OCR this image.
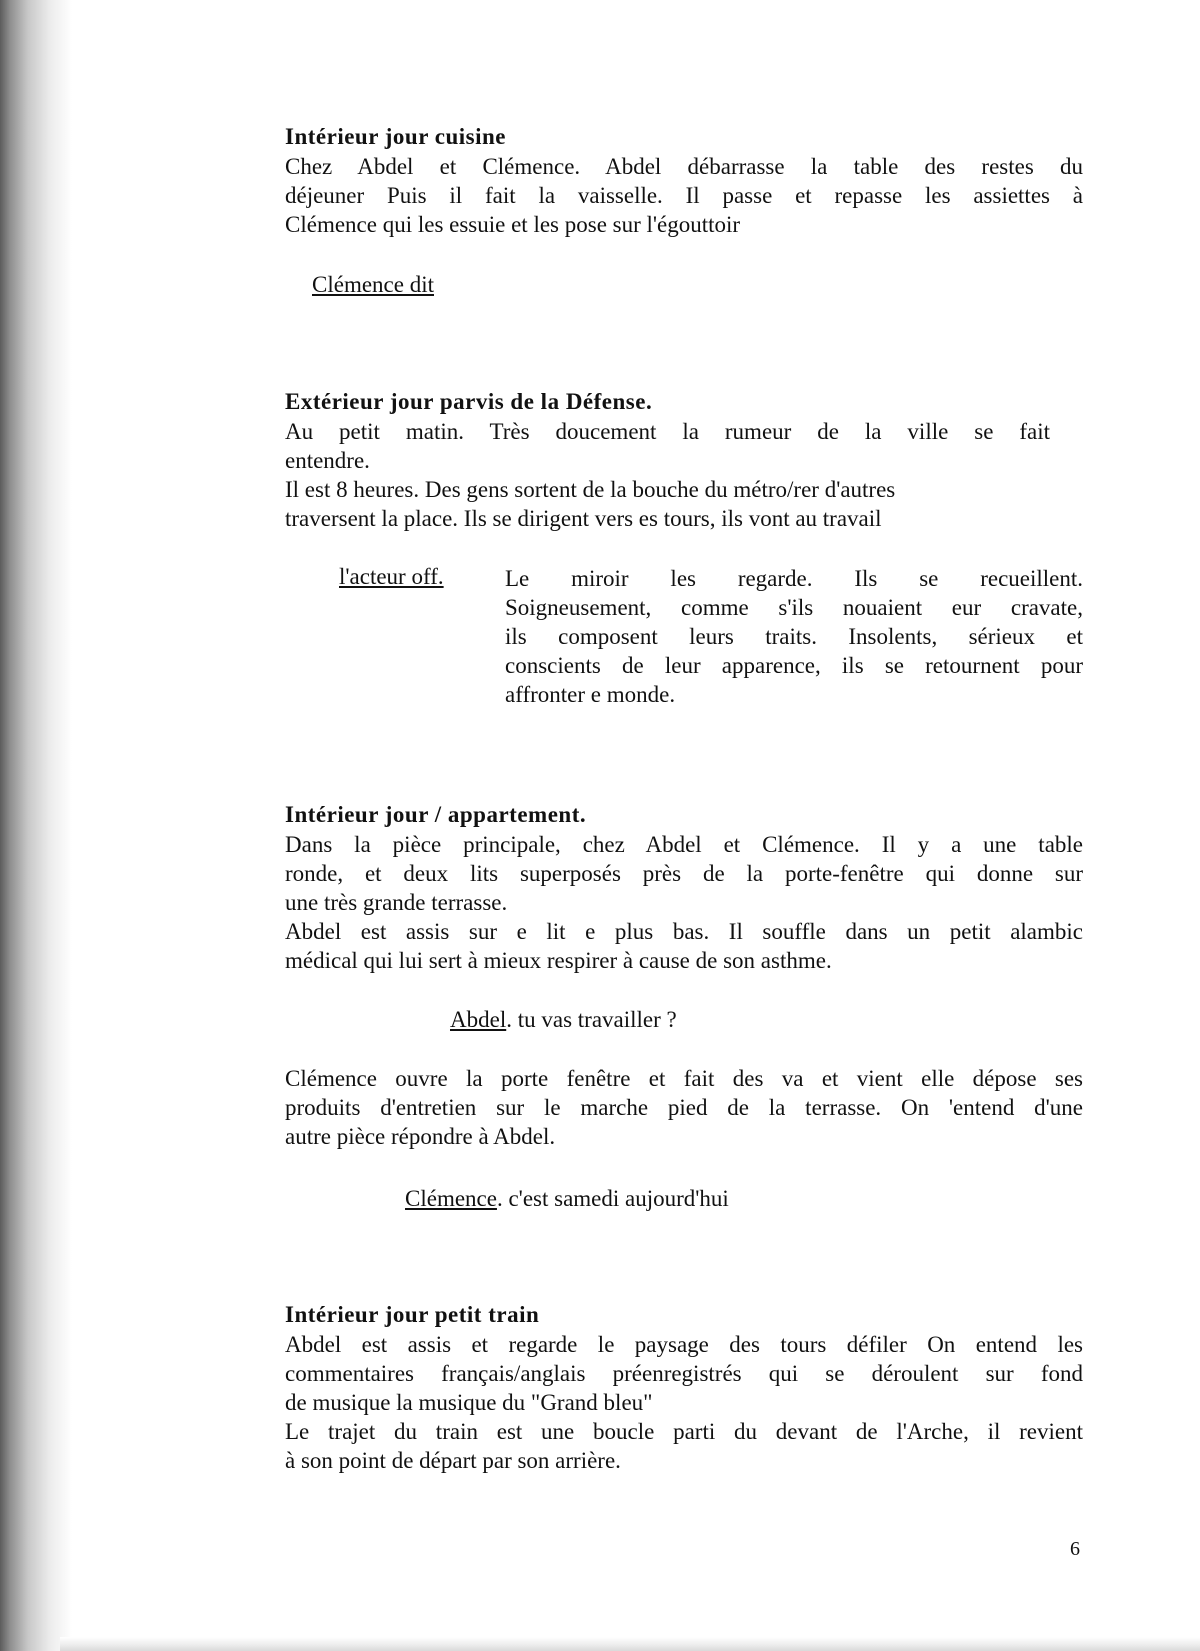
Intérieur jour cuisine
Chez Abdel et Clémence. Abdel débarrasse la table des restes du
déjeuner Puis il fait la vaisselle. Il passe et repasse les assiettes à
Clémence qui les essuie et les pose sur l'égouttoir
Clémence dit
Extérieur jour parvis de la Défense.
Au petit matin. Très doucement la rumeur de la ville se fait
entendre.
Il est 8 heures. Des gens sortent de la bouche du métro/rer d'autres
traversent la place. Ils se dirigent vers es tours, ils vont au travail
l'acteur off.	Le miroir les regarde. Ils se recueillent.
Soigneusement, comme s'ils nouaient eur cravate,
ils composent leurs traits. Insolents, sérieux et
conscients de leur apparence, ils se retournent pour
affronter e monde.
Intérieur jour / appartement.
Dans la pièce principale, chez Abdel et Clémence. Il y a une table
ronde, et deux lits superposés près de la porte-fenêtre qui donne sur
une très grande terrasse.
Abdel est assis sur e lit e plus bas. Il souffle dans un petit alambic
médical qui lui sert à mieux respirer à cause de son asthme.
Abdel. tu vas travailler ?
Clémence ouvre la porte fenêtre et fait des va et vient elle dépose ses
produits d'entretien sur le marche pied de la terrasse. On 'entend d'une
autre pièce répondre à Abdel.
Clémence. c'est samedi aujourd'hui
Intérieur jour petit train
Abdel est assis et regarde le paysage des tours défiler On entend les
commentaires français/anglais préenregistrés qui se déroulent sur fond
de musique la musique du "Grand bleu"
Le trajet du train est une boucle parti du devant de l'Arche, il revient
à son point de départ par son arrière.
6
